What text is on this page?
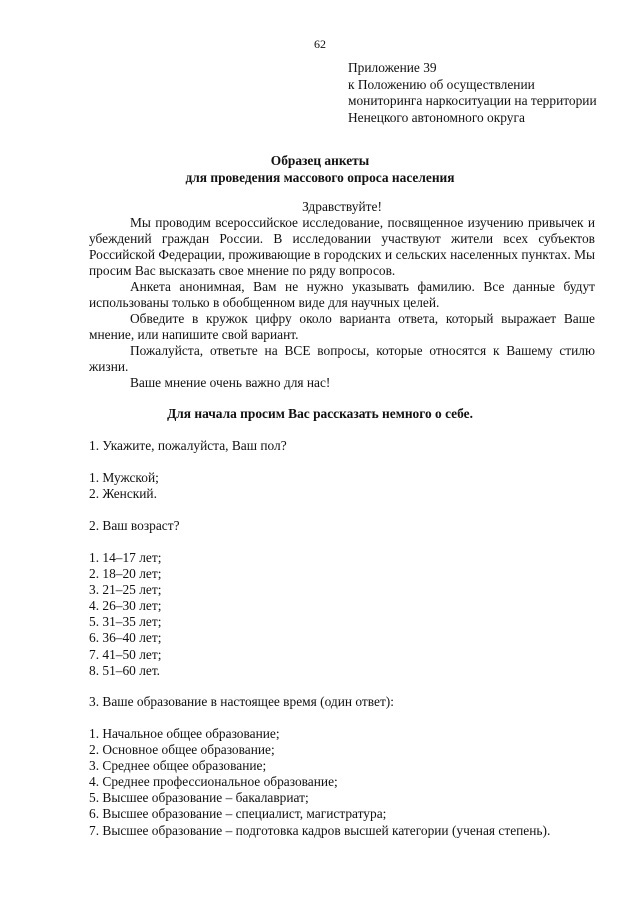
62
Приложение 39
к Положению об осуществлении
мониторинга наркоситуации на территории
Ненецкого автономного округа
Образец анкеты
для проведения массового опроса населения
Здравствуйте!
Мы проводим всероссийское исследование, посвященное изучению привычек и убеждений граждан России. В исследовании участвуют жители всех субъектов Российской Федерации, проживающие в городских и сельских населенных пунктах. Мы просим Вас высказать свое мнение по ряду вопросов.
Анкета анонимная, Вам не нужно указывать фамилию. Все данные будут использованы только в обобщенном виде для научных целей.
Обведите в кружок цифру около варианта ответа, который выражает Ваше мнение, или напишите свой вариант.
Пожалуйста, ответьте на ВСЕ вопросы, которые относятся к Вашему стилю жизни.
Ваше мнение очень важно для нас!
Для начала просим Вас рассказать немного о себе.
1. Укажите, пожалуйста, Ваш пол?
1. Мужской;
2. Женский.
2. Ваш возраст?
1. 14–17 лет;
2. 18–20 лет;
3. 21–25 лет;
4. 26–30 лет;
5. 31–35 лет;
6. 36–40 лет;
7. 41–50 лет;
8. 51–60 лет.
3. Ваше образование в настоящее время (один ответ):
1. Начальное общее образование;
2. Основное общее образование;
3. Среднее общее образование;
4. Среднее профессиональное образование;
5. Высшее образование – бакалавриат;
6. Высшее образование – специалист, магистратура;
7. Высшее образование – подготовка кадров высшей категории (ученая степень).
